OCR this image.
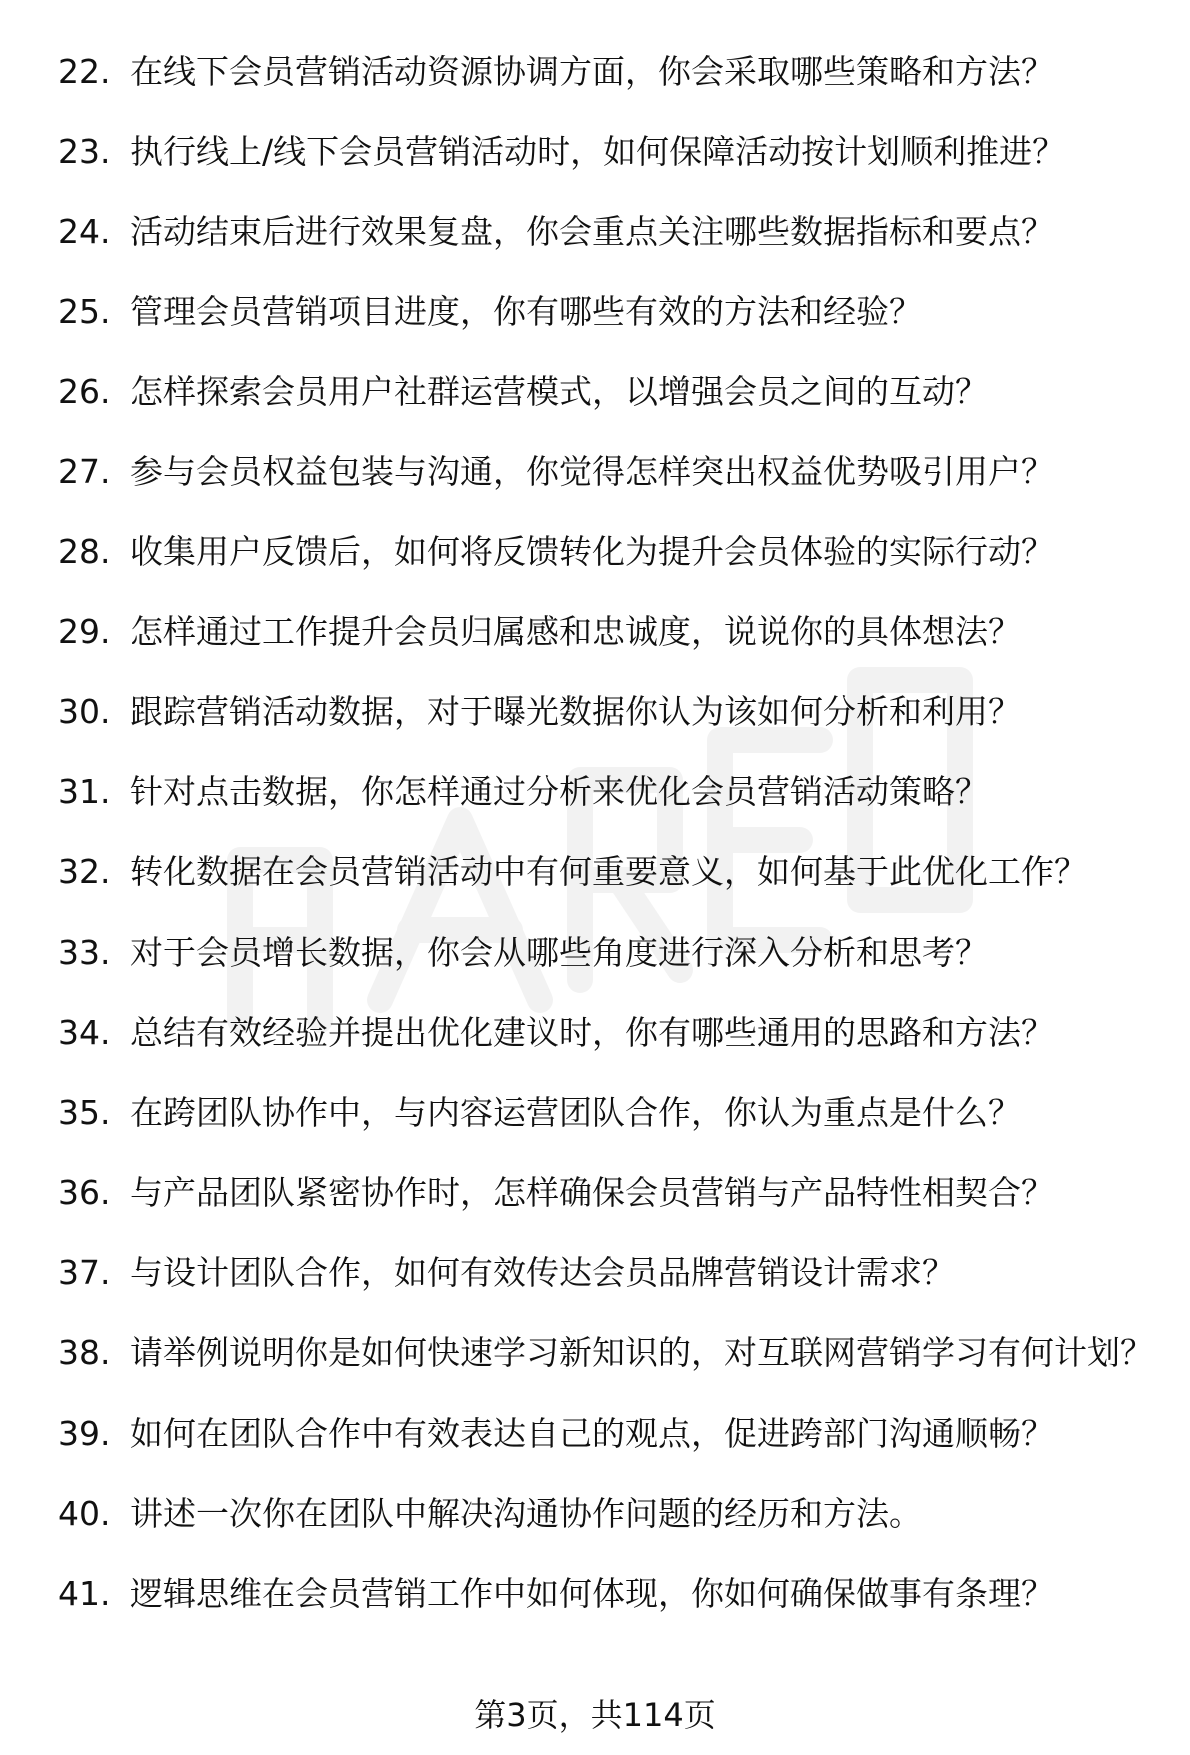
22. 在线下会员营销活动资源协调方面，你会采取哪些策略和方法？
23. 执行线上/线下会员营销活动时，如何保障活动按计划顺利推进？
24. 活动结束后进行效果复盘，你会重点关注哪些数据指标和要点？
25. 管理会员营销项目进度，你有哪些有效的方法和经验？
26. 怎样探索会员用户社群运营模式，以增强会员之间的互动？
27. 参与会员权益包装与沟通，你觉得怎样突出权益优势吸引用户？
28. 收集用户反馈后，如何将反馈转化为提升会员体验的实际行动？
29. 怎样通过工作提升会员归属感和忠诚度，说说你的具体想法？
30. 跟踪营销活动数据，对于曝光数据你认为该如何分析和利用？
31. 针对点击数据，你怎样通过分析来优化会员营销活动策略？
32. 转化数据在会员营销活动中有何重要意义，如何基于此优化工作？
33. 对于会员增长数据，你会从哪些角度进行深入分析和思考？
34. 总结有效经验并提出优化建议时，你有哪些通用的思路和方法？
35. 在跨团队协作中，与内容运营团队合作，你认为重点是什么？
36. 与产品团队紧密协作时，怎样确保会员营销与产品特性相契合？
37. 与设计团队合作，如何有效传达会员品牌营销设计需求？
38. 请举例说明你是如何快速学习新知识的，对互联网营销学习有何计划？
39. 如何在团队合作中有效表达自己的观点，促进跨部门沟通顺畅？
40. 讲述一次你在团队中解决沟通协作问题的经历和方法。
41. 逻辑思维在会员营销工作中如何体现，你如何确保做事有条理？
第3页，共114页
